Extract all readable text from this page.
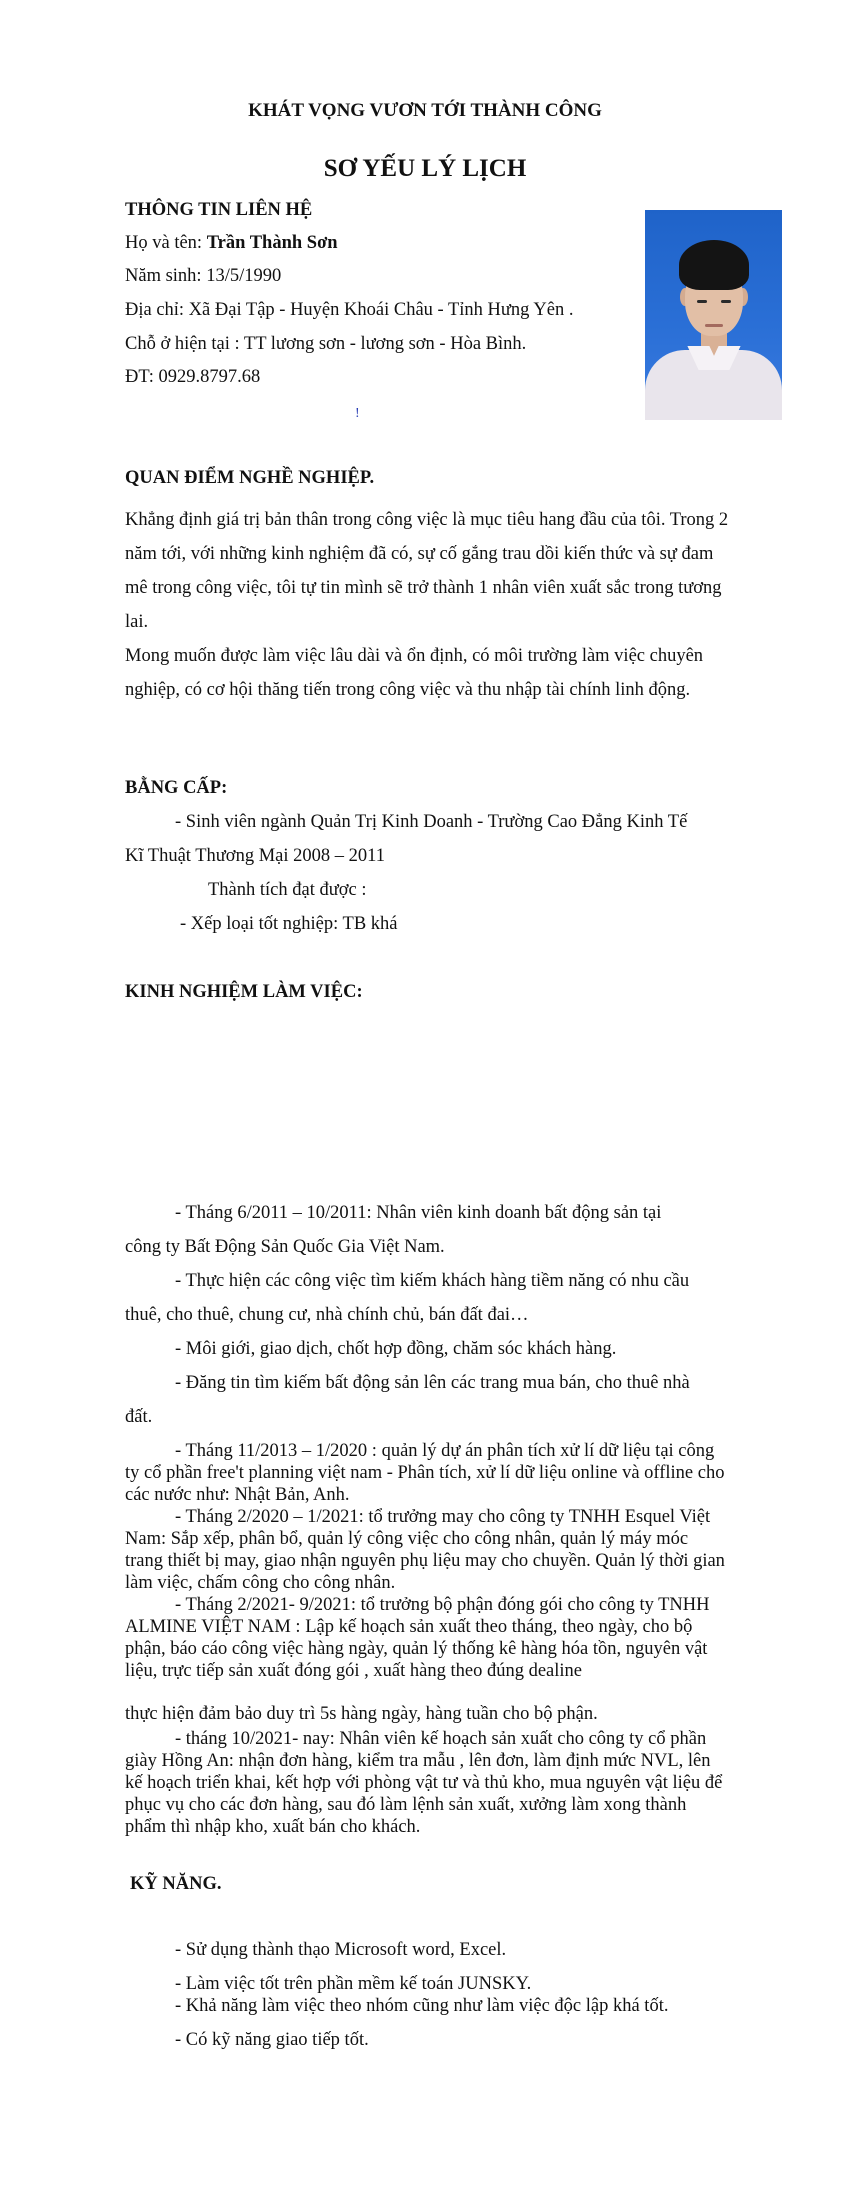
KHÁT VỌNG VƯƠN TỚI THÀNH CÔNG
SƠ YẾU LÝ LỊCH
THÔNG TIN LIÊN HỆ
Họ và tên: Trần Thành Sơn
Năm sinh: 13/5/1990
Địa chỉ: Xã Đại Tập - Huyện Khoái Châu - Tỉnh Hưng Yên .
Chỗ ở hiện tại : TT lương sơn - lương sơn - Hòa Bình.
ĐT: 0929.8797.68
!
QUAN ĐIỂM NGHỀ NGHIỆP.
Khẳng định giá trị bản thân trong công việc là mục tiêu hang đầu của tôi. Trong 2 năm tới, với những kinh nghiệm đã có, sự cố gắng trau dồi kiến thức và sự đam mê trong công việc, tôi tự tin mình sẽ trở thành 1 nhân viên xuất sắc trong tương lai.
Mong muốn được làm việc lâu dài và ổn định, có môi trường làm việc chuyên nghiệp, có cơ hội thăng tiến trong công việc và thu nhập tài chính linh động.
BẰNG CẤP:
- Sinh viên ngành Quản Trị Kinh Doanh - Trường Cao Đẳng Kinh Tế
Kĩ Thuật Thương Mại 2008 – 2011
Thành tích đạt được :
- Xếp loại tốt nghiệp: TB khá
KINH NGHIỆM LÀM VIỆC:
- Tháng 6/2011 – 10/2011: Nhân viên kinh doanh bất động sản tại
công ty Bất Động Sản Quốc Gia Việt Nam.
- Thực hiện các công việc tìm kiếm khách hàng tiềm năng có nhu cầu
thuê, cho thuê, chung cư, nhà chính chủ, bán đất đai…
- Môi giới, giao dịch, chốt hợp đồng, chăm sóc khách hàng.
- Đăng tin tìm kiếm bất động sản lên các trang mua bán, cho thuê nhà
đất.
- Tháng 11/2013 – 1/2020 : quản lý dự án phân tích xử lí dữ liệu tại công ty cổ phần free't planning việt nam - Phân tích, xử lí dữ liệu online và offline cho các nước như: Nhật Bản, Anh.
- Tháng 2/2020 – 1/2021: tổ trưởng may cho công ty TNHH Esquel Việt Nam: Sắp xếp, phân bổ, quản lý công việc cho công nhân, quản lý máy móc trang thiết bị may, giao nhận nguyên phụ liệu may cho chuyền. Quản lý thời gian làm việc, chấm công cho công nhân.
- Tháng 2/2021- 9/2021: tổ trưởng bộ phận đóng gói cho công ty TNHH ALMINE VIỆT NAM : Lập kế hoạch sản xuất theo tháng, theo ngày, cho bộ phận, báo cáo công việc hàng ngày, quản lý thống kê hàng hóa tồn, nguyên vật liệu, trực tiếp sản xuất đóng gói , xuất hàng theo đúng dealine
thực hiện đảm bảo duy trì 5s hàng ngày, hàng tuần cho bộ phận.
- tháng 10/2021- nay: Nhân viên kế hoạch sản xuất cho công ty cổ phần giày Hồng An: nhận đơn hàng, kiểm tra mẫu , lên đơn, làm định mức NVL, lên kế hoạch triển khai, kết hợp với phòng vật tư và thủ kho, mua nguyên vật liệu để phục vụ cho các đơn hàng, sau đó làm lệnh sản xuất, xưởng làm xong thành phẩm thì nhập kho, xuất bán cho khách.
KỸ NĂNG.
- Sử dụng thành thạo Microsoft word, Excel.
- Làm việc tốt trên phần mềm kế toán JUNSKY.
- Khả năng làm việc theo nhóm cũng như làm việc độc lập khá tốt.
- Có kỹ năng giao tiếp tốt.
